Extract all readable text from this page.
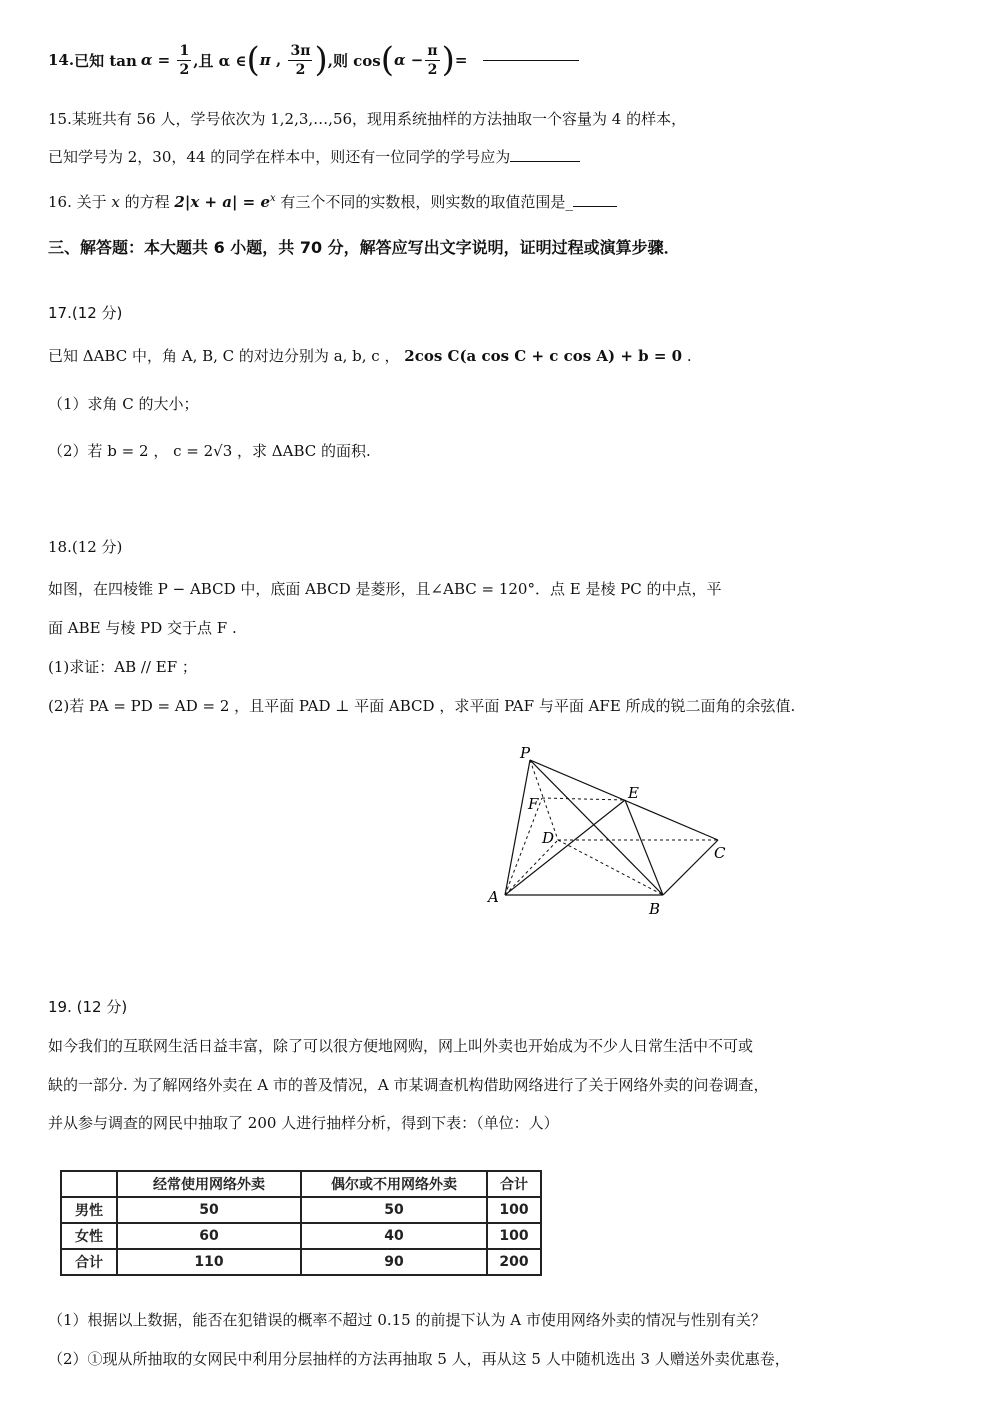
14. 已知 $\tan \alpha = \frac{1}{2}$ ,且 α ∈ ( π , $\frac{3\pi}{2}$ ) ,则 cos ( $\alpha - \frac{\pi}{2}$ ) =
15.某班共有 56 人，学号依次为 1,2,3,…,56，现用系统抽样的方法抽取一个容量为 4 的样本，
已知学号为 2，30，44 的同学在样本中，则还有一位同学的学号应为
16. 关于 x 的方程 $2|x + a| = e^x$ 有三个不同的实数根，则实数的取值范围是_
三、解答题：本大题共 6 小题，共 70 分，解答应写出文字说明，证明过程或演算步骤．
17.(12 分)
已知 ΔABC 中，角 A, B, C 的对边分别为 a, b, c ， 2cos C(a cos C + c cos A) + b = 0 .
（1）求角 C 的大小；
（2）若 b = 2 ， c = 2√3 ，求 ΔABC 的面积.
18.(12 分)
如图，在四棱锥 P − ABCD 中，底面 ABCD 是菱形，且∠ABC = 120°．点 E 是棱 PC 的中点，平
面 ABE 与棱 PD 交于点 F .
(1)求证：AB // EF ；
(2)若 PA = PD = AD = 2 ，且平面 PAD ⊥ 平面 ABCD ，求平面 PAF 与平面 AFE 所成的锐二面角的余弦值.
P
F
E
D
C
A
B
19. (12 分)
如今我们的互联网生活日益丰富，除了可以很方便地网购，网上叫外卖也开始成为不少人日常生活中不可或
缺的一部分. 为了解网络外卖在 A 市的普及情况，A 市某调查机构借助网络进行了关于网络外卖的问卷调查，
并从参与调查的网民中抽取了 200 人进行抽样分析，得到下表：（单位：人）
	经常使用网络外卖	偶尔或不用网络外卖	合计
男性	50	50	100
女性	60	40	100
合计	110	90	200
（1）根据以上数据，能否在犯错误的概率不超过 0.15 的前提下认为 A 市使用网络外卖的情况与性别有关？
（2）①现从所抽取的女网民中利用分层抽样的方法再抽取 5 人，再从这 5 人中随机选出 3 人赠送外卖优惠卷，
